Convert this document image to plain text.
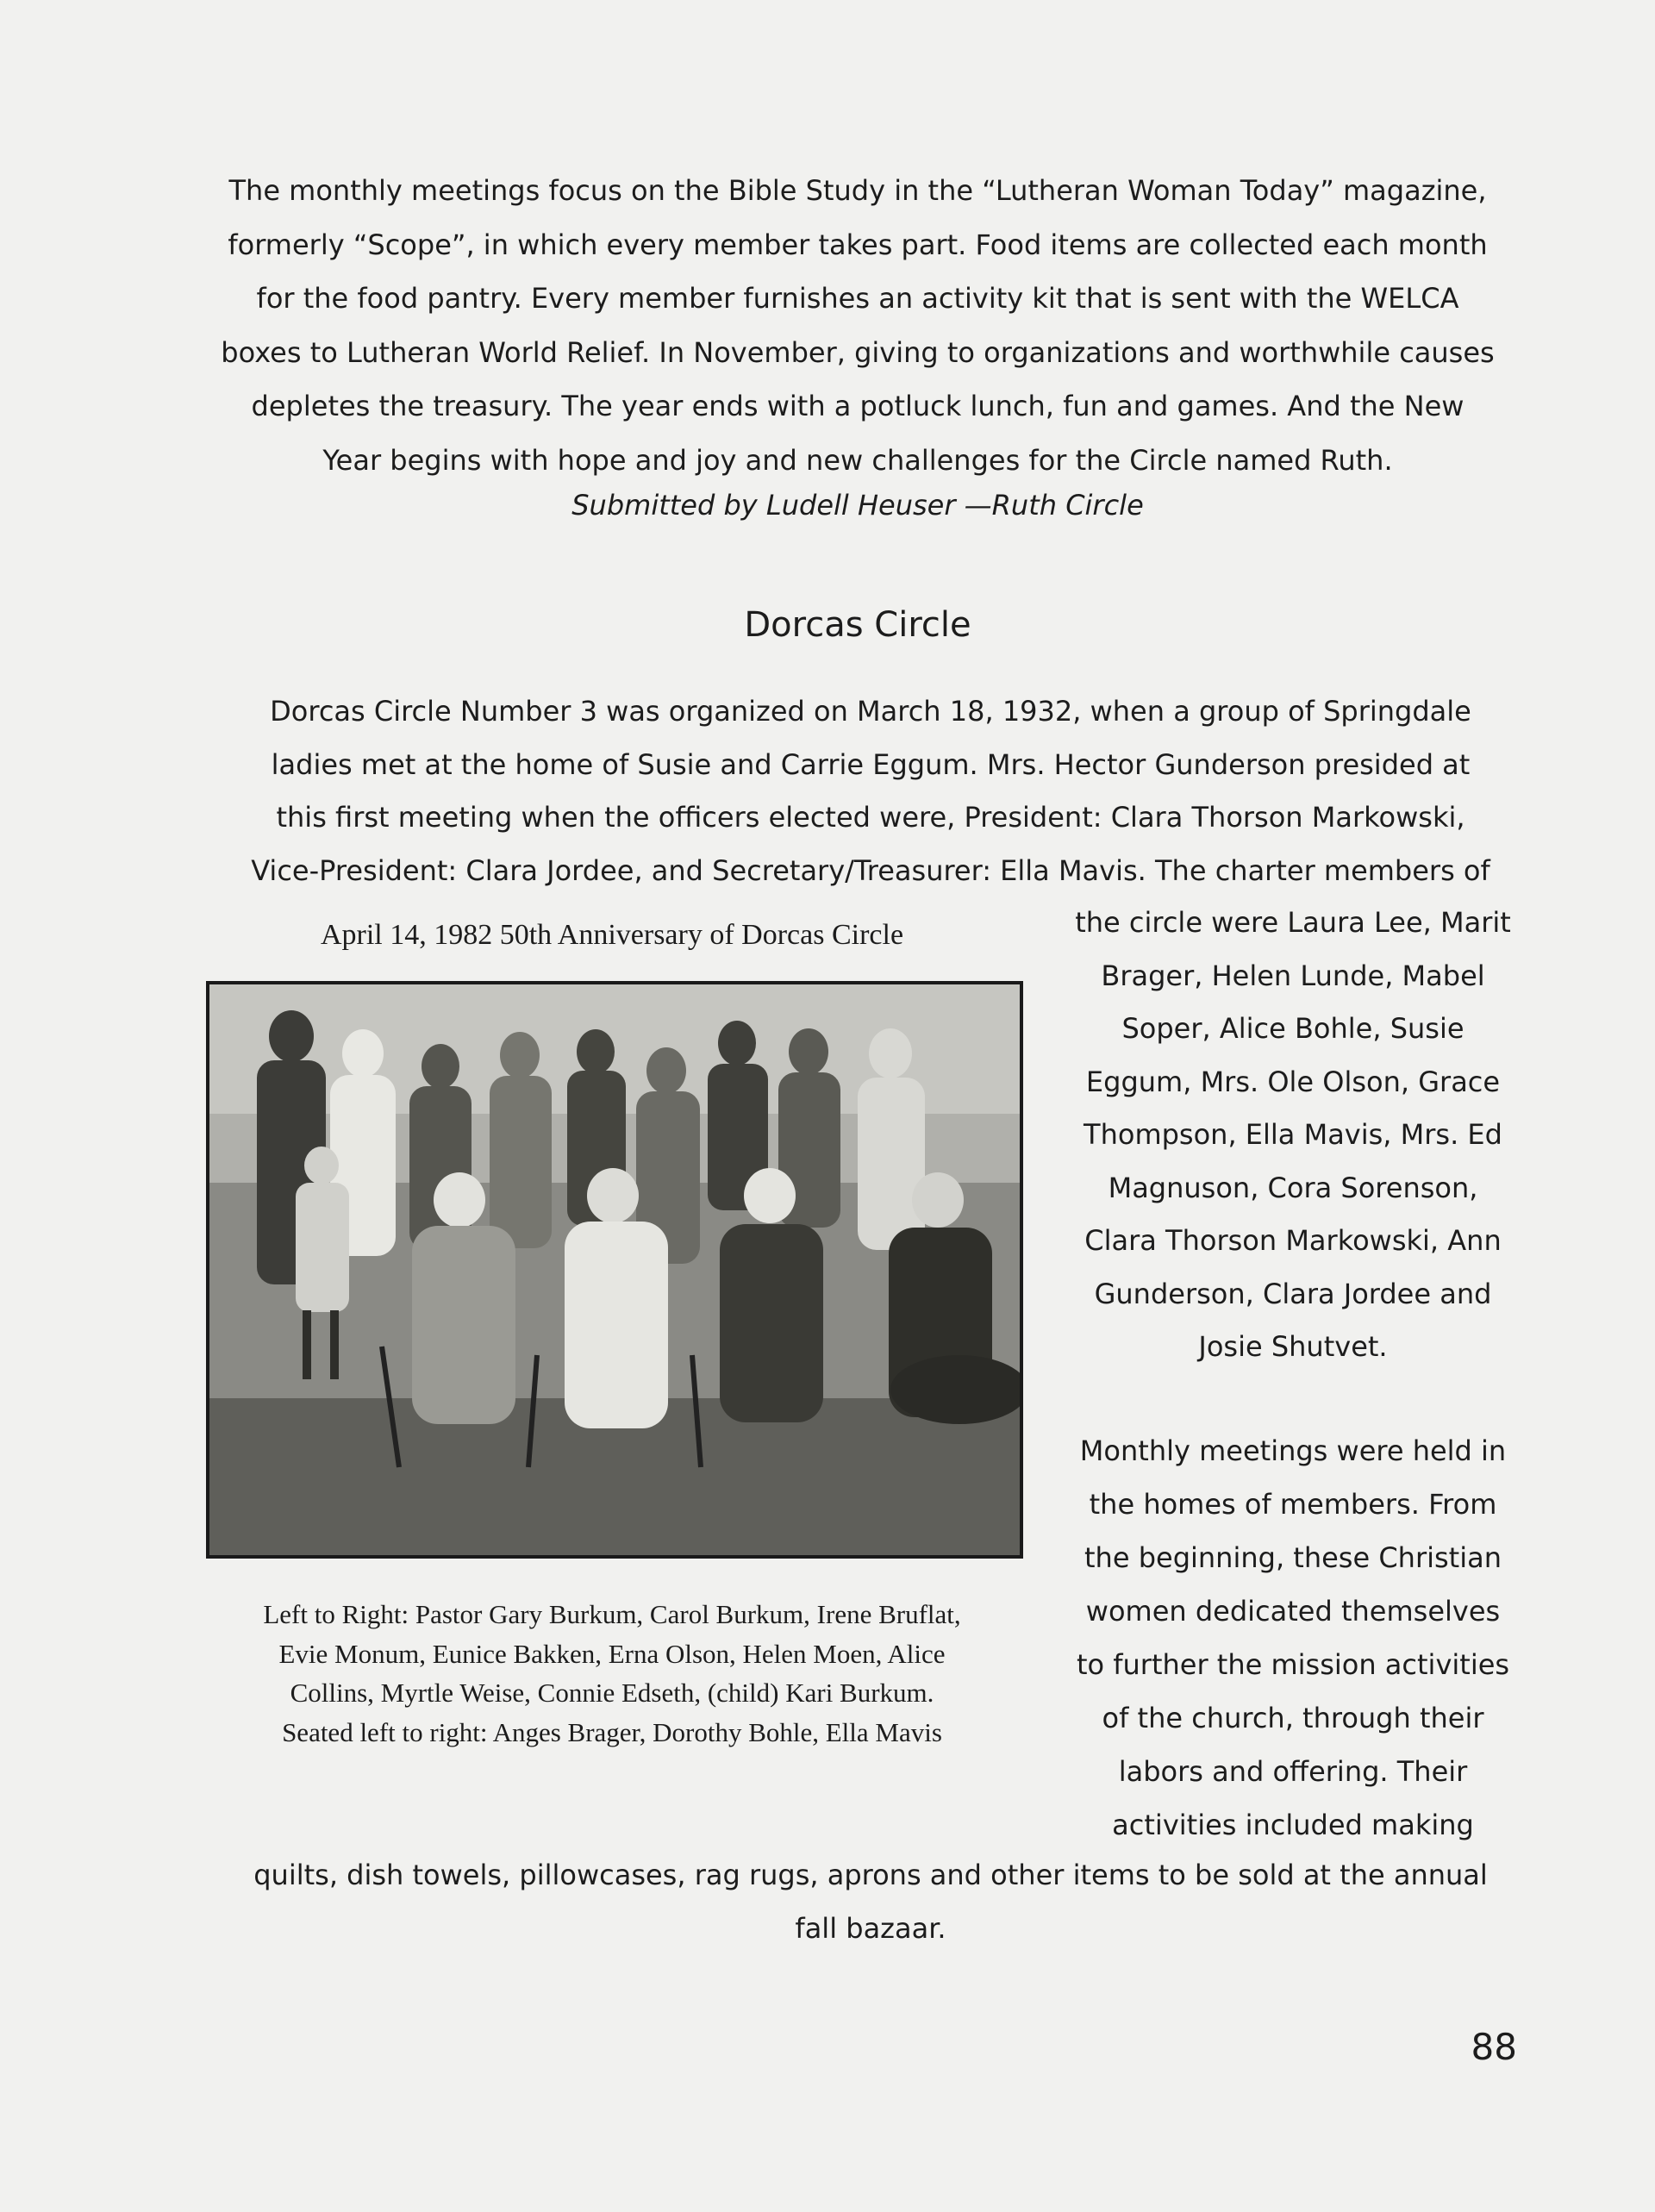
The monthly meetings focus on the Bible Study in the “Lutheran Woman Today” magazine,
formerly “Scope”, in which every member takes part. Food items are collected each month
for the food pantry. Every member furnishes an activity kit that is sent with the WELCA
boxes to Lutheran World Relief. In November, giving to organizations and worthwhile causes
depletes the treasury. The year ends with a potluck lunch, fun and games. And the New
Year begins with hope and joy and new challenges for the Circle named Ruth.

Submitted by Ludell Heuser —Ruth Circle

Dorcas Circle

Dorcas Circle Number 3 was organized on March 18, 1932, when a group of Springdale
ladies met at the home of Susie and Carrie Eggum. Mrs. Hector Gunderson presided at
this first meeting when the officers elected were, President: Clara Thorson Markowski,
Vice-President: Clara Jordee, and Secretary/Treasurer: Ella Mavis. The charter members of

April 14, 1982 50th Anniversary of Dorcas Circle

Left to Right: Pastor Gary Burkum, Carol Burkum, Irene Bruflat,
Evie Monum, Eunice Bakken, Erna Olson, Helen Moen, Alice
Collins, Myrtle Weise, Connie Edseth, (child) Kari Burkum.
Seated left to right: Anges Brager, Dorothy Bohle, Ella Mavis

the circle were Laura Lee, Marit
Brager, Helen Lunde, Mabel
Soper, Alice Bohle, Susie
Eggum, Mrs. Ole Olson, Grace
Thompson, Ella Mavis, Mrs. Ed
Magnuson, Cora Sorenson,
Clara Thorson Markowski, Ann
Gunderson, Clara Jordee and
Josie Shutvet.

Monthly meetings were held in
the homes of members. From
the beginning, these Christian
women dedicated themselves
to further the mission activities
of the church, through their
labors and offering. Their
activities included making

quilts, dish towels, pillowcases, rag rugs, aprons and other items to be sold at the annual
fall bazaar.

88
